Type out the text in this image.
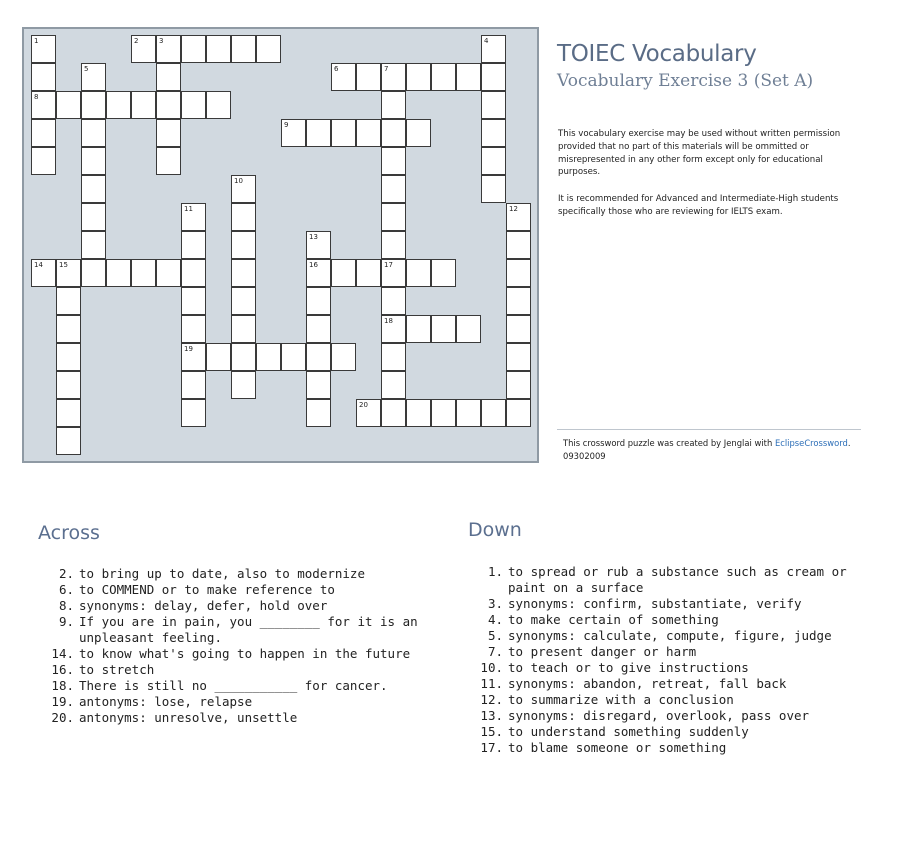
1
8
2	3	4
5	6	7
17
9
10
11
19
12
13
16
14 15
18
20
TOIEC Vocabulary
Vocabulary Exercise 3 (Set A)

This vocabulary exercise may be used without written permission provided that no part of this materials will be ommitted or misrepresented in any other form except only for educational purposes.

It is recommended for Advanced and Intermediate-High students specifically those who are reviewing for IELTS exam.

This crossword puzzle was created by Jenglai with EclipseCrossword.
09302009
Across
2. to bring up to date, also to modernize
6. to COMMEND or to make reference to
8. synonyms: delay, defer, hold over
9. If you are in pain, you ________ for it is an unpleasant feeling.
14. to know what's going to happen in the future
16. to stretch
18. There is still no ___________ for cancer.
19. antonyms: lose, relapse
20. antonyms: unresolve, unsettle
Down
1. to spread or rub a substance such as cream or paint on a surface
3. synonyms: confirm, substantiate, verify
4. to make certain of something
5. synonyms: calculate, compute, figure, judge
7. to present danger or harm
10. to teach or to give instructions
11. synonyms: abandon, retreat, fall back
12. to summarize with a conclusion
13. synonyms: disregard, overlook, pass over
15. to understand something suddenly
17. to blame someone or something
